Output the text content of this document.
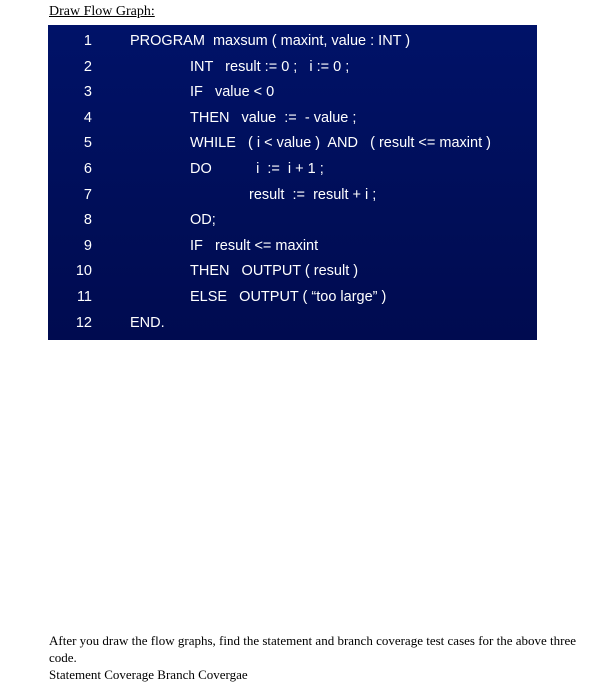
Draw Flow Graph:
1	PROGRAM  maxsum ( maxint, value : INT )
2	INT   result := 0 ;   i := 0 ;
3	IF   value < 0
4	THEN   value  :=  - value ;
5	WHILE   ( i < value )  AND   ( result <= maxint )
6	DO           i  :=  i + 1 ;
7	result  :=  result + i ;
8	OD;
9	IF   result <= maxint
10	THEN   OUTPUT ( result )
11	ELSE   OUTPUT ( “too large” )
12	END.

After you draw the flow graphs, find the statement and branch coverage test cases for the above three code.

Statement Coverage Branch Covergae
